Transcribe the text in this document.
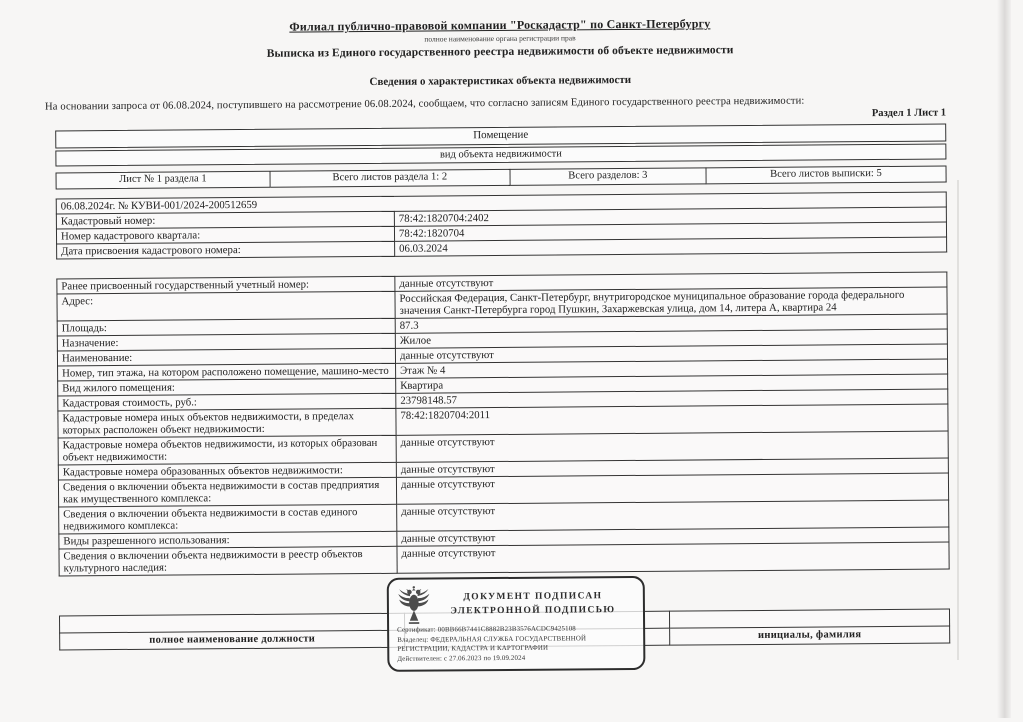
Филиал публично-правовой компании "Роскадастр" по Санкт-Петербургу
полное наименование органа регистрации прав
Выписка из Единого государственного реестра недвижимости об объекте недвижимости
Сведения о характеристиках объекта недвижимости
На основании запроса от 06.08.2024, поступившего на рассмотрение 06.08.2024, сообщаем, что согласно записям Единого государственного реестра недвижимости:
Раздел 1 Лист 1
Помещение
вид объекта недвижимости
Лист № 1 раздела 1	Всего листов раздела 1: 2	Всего разделов: 3	Всего листов выписки: 5
06.08.2024г. № КУВИ-001/2024-200512659	
Кадастровый номер:	78:42:1820704:2402
Номер кадастрового квартала:	78:42:1820704
Дата присвоения кадастрового номера:	06.03.2024
Ранее присвоенный государственный учетный номер:	данные отсутствуют
Адрес:	Российская Федерация, Санкт-Петербург, внутригородское муниципальное образование города федерального значения Санкт-Петербурга город Пушкин, Захаржевская улица, дом 14, литера А, квартира 24
Площадь:	87.3
Назначение:	Жилое
Наименование:	данные отсутствуют
Номер, тип этажа, на котором расположено помещение, машино-место	Этаж № 4
Вид жилого помещения:	Квартира
Кадастровая стоимость, руб.:	23798148.57
Кадастровые номера иных объектов недвижимости, в пределах которых расположен объект недвижимости:	78:42:1820704:2011
Кадастровые номера объектов недвижимости, из которых образован объект недвижимости:	данные отсутствуют
Кадастровые номера образованных объектов недвижимости:	данные отсутствуют
Сведения о включении объекта недвижимости в состав предприятия как имущественного комплекса:	данные отсутствуют
Сведения о включении объекта недвижимости в состав единого недвижимого комплекса:	данные отсутствуют
Виды разрешенного использования:	данные отсутствуют
Сведения о включении объекта недвижимости в реестр объектов культурного наследия:	данные отсутствуют

полное наименование должности		инициалы, фамилия
ДОКУМЕНТ ПОДПИСАН
ЭЛЕКТРОННОЙ ПОДПИСЬЮ
Сертификат: 00BB66B7441C8882B23B3576ACDC9425108
Владелец: ФЕДЕРАЛЬНАЯ СЛУЖБА ГОСУДАРСТВЕННОЙ РЕГИСТРАЦИИ, КАДАСТРА И КАРТОГРАФИИ
Действителен: с 27.06.2023 по 19.09.2024
